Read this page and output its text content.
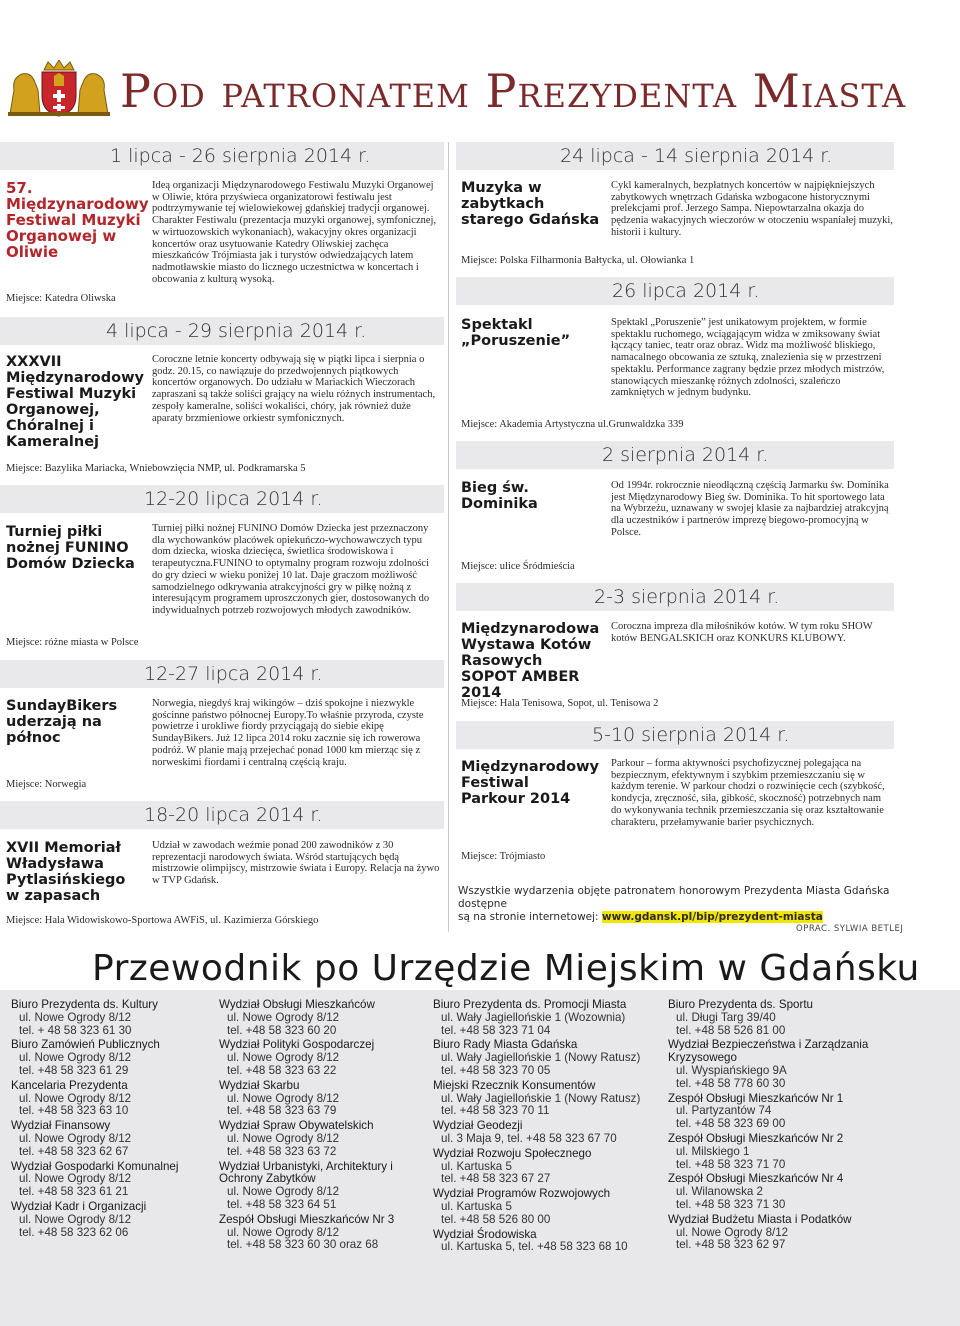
Pod patronatem Prezydenta Miasta
1 lipca - 26 sierpnia 2014 r.
57. Międzynarodowy Festiwal Muzyki Organowej w Oliwie
Ideą organizacji Międzynarodowego Festiwalu Muzyki Organowej w Oliwie, która przyświeca organizatorowi festiwalu jest podtrzymywanie tej wielowiekowej gdańskiej tradycji organowej. Charakter Festiwalu (prezentacja muzyki organowej, symfonicznej, w wirtuozowskich wykonaniach), wakacyjny okres organizacji koncertów oraz usytuowanie Katedry Oliwskiej zachęca mieszkańców Trójmiasta jak i turystów odwiedzających latem nadmotławskie miasto do licznego uczestnictwa w koncertach i obcowania z kulturą wysoką.
Miejsce: Katedra Oliwska
4 lipca - 29 sierpnia 2014 r.
XXXVII Międzynarodowy Festiwal Muzyki Organowej, Chóralnej i Kameralnej
Coroczne letnie koncerty odbywają się w piątki lipca i sierpnia o godz. 20.15, co nawiązuje do przedwojennych piątkowych koncertów organowych. Do udziału w Mariackich Wieczorach zapraszani są także soliści grający na wielu różnych instrumentach, zespoły kameralne, soliści wokaliści, chóry, jak również duże aparaty brzmieniowe orkiestr symfonicznych.
Miejsce: Bazylika Mariacka, Wniebowzięcia NMP, ul. Podkramarska 5
12-20 lipca 2014 r.
Turniej piłki nożnej FUNINO Domów Dziecka
Turniej piłki nożnej FUNINO Domów Dziecka jest przeznaczony dla wychowanków placówek opiekuńczo-wychowawczych typu dom dziecka, wioska dziecięca, świetlica środowiskowa i terapeutyczna.FUNINO to optymalny program rozwoju zdolności do gry dzieci w wieku poniżej 10 lat. Daje graczom możliwość samodzielnego odkrywania atrakcyjności gry w piłkę nożną z interesującym programem uproszczonych gier, dostosowanych do indywidualnych potrzeb rozwojowych młodych zawodników.
Miejsce: różne miasta w Polsce
12-27 lipca 2014 r.
SundayBikers uderzają na północ
Norwegia, niegdyś kraj wikingów – dziś spokojne i niezwykle gościnne państwo północnej Europy.To właśnie przyroda, czyste powietrze i urokliwe fiordy przyciągają do siebie ekipę SundayBikers. Już 12 lipca 2014 roku zacznie się ich rowerowa podróż. W planie mają przejechać ponad 1000 km mierząc się z norweskimi fiordami i centralną częścią kraju.
Miejsce: Norwegia
18-20 lipca 2014 r.
XVII Memoriał Władysława Pytlasińskiego w zapasach
Udział w zawodach weźmie ponad 200 zawodników z 30 reprezentacji narodowych świata. Wśród startujących będą mistrzowie olimpijscy, mistrzowie świata i Europy. Relacja na żywo w TVP Gdańsk.
Miejsce: Hala Widowiskowo-Sportowa AWFiS, ul. Kazimierza Górskiego
24 lipca - 14 sierpnia 2014 r.
Muzyka w zabytkach starego Gdańska
Cykl kameralnych, bezpłatnych koncertów w najpiękniejszych zabytkowych wnętrzach Gdańska wzbogacone historycznymi prelekcjami prof. Jerzego Sampa. Niepowtarzalna okazja do pędzenia wakacyjnych wieczorów w otoczeniu wspaniałej muzyki, historii i kultury.
Miejsce: Polska Filharmonia Bałtycka, ul. Ołowianka 1
26 lipca 2014 r.
Spektakl „Poruszenie”
Spektakl „Poruszenie” jest unikatowym projektem, w formie spektaklu ruchomego, wciągającym widza w zmiksowany świat łączący taniec, teatr oraz obraz. Widz ma możliwość bliskiego, namacalnego obcowania ze sztuką, znalezienia się w przestrzeni spektaklu. Performance zagrany będzie przez młodych mistrzów, stanowiących mieszankę różnych zdolności, szaleńczo zamkniętych w jednym budynku.
Miejsce: Akademia Artystyczna ul.Grunwaldzka 339
2 sierpnia 2014 r.
Bieg św. Dominika
Od 1994r. rokrocznie nieodłączną częścią Jarmarku św. Dominika jest Międzynarodowy Bieg św. Dominika. To hit sportowego lata na Wybrzeżu, uznawany w swojej klasie za najbardziej atrakcyjną dla uczestników i partnerów imprezę biegowo-promocyjną w Polsce.
Miejsce: ulice Śródmieścia
2-3 sierpnia 2014 r.
Międzynarodowa Wystawa Kotów Rasowych SOPOT AMBER 2014
Coroczna impreza dla miłośników kotów. W tym roku SHOW kotów BENGALSKICH oraz KONKURS KLUBOWY.
Miejsce: Hala Tenisowa, Sopot, ul. Tenisowa 2
5-10 sierpnia 2014 r.
Międzynarodowy Festiwal Parkour 2014
Parkour – forma aktywności psychofizycznej polegająca na bezpiecznym, efektywnym i szybkim przemieszczaniu się w każdym terenie. W parkour chodzi o rozwinięcie cech (szybkość, kondycja, zręczność, siła, gibkość, skoczność) potrzebnych nam do wykonywania technik przemieszczania się oraz kształtowanie charakteru, przełamywanie barier psychicznych.
Miejsce: Trójmiasto
Wszystkie wydarzenia objęte patronatem honorowym Prezydenta Miasta Gdańska dostępne
są na stronie internetowej: www.gdansk.pl/bip/prezydent-miasta
OPRAC. SYLWIA BETLEJ
Przewodnik po Urzędzie Miejskim w Gdańsku
Biuro Prezydenta ds. Kultury
ul. Nowe Ogrody 8/12
tel. + 48 58 323 61 30
Biuro Zamówień Publicznych
ul. Nowe Ogrody 8/12
tel. +48 58 323 61 29
Kancelaria Prezydenta
ul. Nowe Ogrody 8/12
tel. +48 58 323 63 10
Wydział Finansowy
ul. Nowe Ogrody 8/12
tel. +48 58 323 62 67
Wydział Gospodarki Komunalnej
ul. Nowe Ogrody 8/12
tel. +48 58 323 61 21
Wydział Kadr i Organizacji
ul. Nowe Ogrody 8/12
tel. +48 58 323 62 06
Wydział Obsługi Mieszkańców
ul. Nowe Ogrody 8/12
tel. +48 58 323 60 20
Wydział Polityki Gospodarczej
ul. Nowe Ogrody 8/12
tel. +48 58 323 63 22
Wydział Skarbu
ul. Nowe Ogrody 8/12
tel. +48 58 323 63 79
Wydział Spraw Obywatelskich
ul. Nowe Ogrody 8/12
tel. +48 58 323 63 72
Wydział Urbanistyki, Architektury i Ochrony Zabytków
ul. Nowe Ogrody 8/12
tel. +48 58 323 64 51
Zespół Obsługi Mieszkańców Nr 3
ul. Nowe Ogrody 8/12
tel. +48 58 323 60 30 oraz 68
Biuro Prezydenta ds. Promocji Miasta
ul. Wały Jagiellońskie 1 (Wozownia)
tel. +48 58 323 71 04
Biuro Rady Miasta Gdańska
ul. Wały Jagiellońskie 1 (Nowy Ratusz)
tel. +48 58 323 70 05
Miejski Rzecznik Konsumentów
ul. Wały Jagiellońskie 1 (Nowy Ratusz)
tel. +48 58 323 70 11
Wydział Geodezji
ul. 3 Maja 9, tel. +48 58 323 67 70
Wydział Rozwoju Społecznego
ul. Kartuska 5
tel. +48 58 323 67 27
Wydział Programów Rozwojowych
ul. Kartuska 5
tel. +48 58 526 80 00
Wydział Środowiska
ul. Kartuska 5, tel. +48 58 323 68 10
Biuro Prezydenta ds. Sportu
ul. Długi Targ 39/40
tel. +48 58 526 81 00
Wydział Bezpieczeństwa i Zarządzania Kryzysowego
ul. Wyspiańskiego 9A
tel. +48 58 778 60 30
Zespół Obsługi Mieszkańców Nr 1
ul. Partyzantów 74
tel. +48 58 323 69 00
Zespół Obsługi Mieszkańców Nr 2
ul. Milskiego 1
tel. +48 58 323 71 70
Zespół Obsługi Mieszkańców Nr 4
ul. Wilanowska 2
tel. +48 58 323 71 30
Wydział Budżetu Miasta i Podatków
ul. Nowe Ogrody 8/12
tel. +48 58 323 62 97
